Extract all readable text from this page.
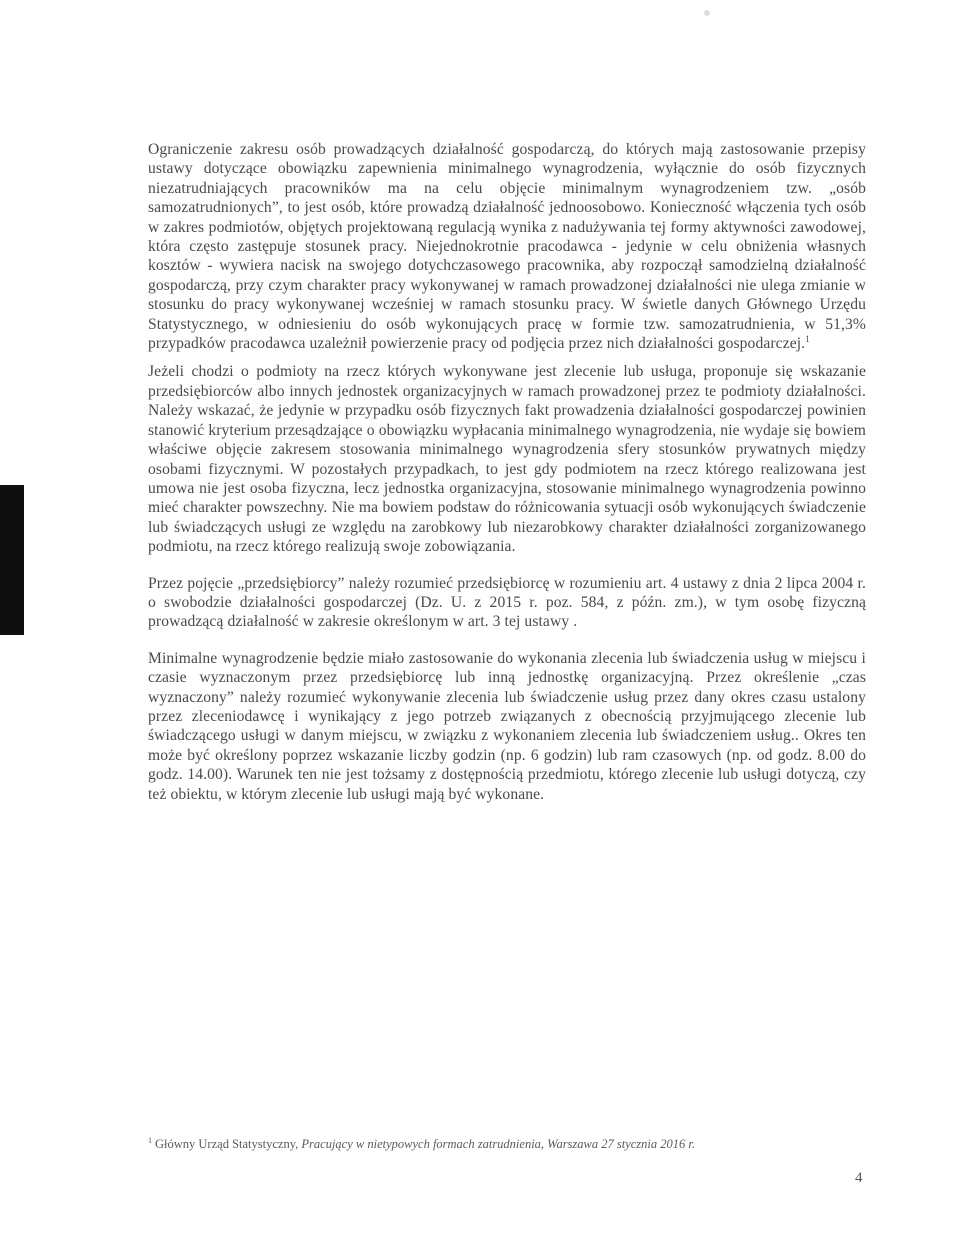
Ograniczenie zakresu osób prowadzących działalność gospodarczą, do których mają zastosowanie przepisy ustawy dotyczące obowiązku zapewnienia minimalnego wynagrodzenia, wyłącznie do osób fizycznych niezatrudniających pracowników ma na celu objęcie minimalnym wynagrodzeniem tzw. „osób samozatrudnionych”, to jest osób, które prowadzą działalność jednoosobowo. Konieczność włączenia tych osób w zakres podmiotów, objętych projektowaną regulacją wynika z nadużywania tej formy aktywności zawodowej, która często zastępuje stosunek pracy. Niejednokrotnie pracodawca - jedynie w celu obniżenia własnych kosztów - wywiera nacisk na swojego dotychczasowego pracownika, aby rozpoczął samodzielną działalność gospodarczą, przy czym charakter pracy wykonywanej w ramach prowadzonej działalności nie ulega zmianie w stosunku do pracy wykonywanej wcześniej w ramach stosunku pracy. W świetle danych Głównego Urzędu Statystycznego, w odniesieniu do osób wykonujących pracę w formie tzw. samozatrudnienia, w 51,3% przypadków pracodawca uzależnił powierzenie pracy od podjęcia przez nich działalności gospodarczej.$^1$

Jeżeli chodzi o podmioty na rzecz których wykonywane jest zlecenie lub usługa, proponuje się wskazanie przedsiębiorców albo innych jednostek organizacyjnych w ramach prowadzonej przez te podmioty działalności. Należy wskazać, że jedynie w przypadku osób fizycznych fakt prowadzenia działalności gospodarczej powinien stanowić kryterium przesądzające o obowiązku wypłacania minimalnego wynagrodzenia, nie wydaje się bowiem właściwe objęcie zakresem stosowania minimalnego wynagrodzenia sfery stosunków prywatnych między osobami fizycznymi. W pozostałych przypadkach, to jest gdy podmiotem na rzecz którego realizowana jest umowa nie jest osoba fizyczna, lecz jednostka organizacyjna, stosowanie minimalnego wynagrodzenia powinno mieć charakter powszechny. Nie ma bowiem podstaw do różnicowania sytuacji osób wykonujących świadczenie lub świadczących usługi ze względu na zarobkowy lub niezarobkowy charakter działalności zorganizowanego podmiotu, na rzecz którego realizują swoje zobowiązania.

Przez pojęcie „przedsiębiorcy” należy rozumieć przedsiębiorcę w rozumieniu art. 4 ustawy z dnia 2 lipca 2004 r. o swobodzie działalności gospodarczej (Dz. U. z 2015 r. poz. 584, z późn. zm.), w tym osobę fizyczną prowadzącą działalność w zakresie określonym w art. 3 tej ustawy .

Minimalne wynagrodzenie będzie miało zastosowanie do wykonania zlecenia lub świadczenia usług w miejscu i czasie wyznaczonym przez przedsiębiorcę lub inną jednostkę organizacyjną. Przez określenie „czas wyznaczony” należy rozumieć wykonywanie zlecenia lub świadczenie usług przez dany okres czasu ustalony przez zleceniodawcę i wynikający z jego potrzeb związanych z obecnością przyjmującego zlecenie lub świadczącego usługi w danym miejscu, w związku z wykonaniem zlecenia lub świadczeniem usług.. Okres ten może być określony poprzez wskazanie liczby godzin (np. 6 godzin) lub ram czasowych (np. od godz. 8.00 do godz. 14.00). Warunek ten nie jest tożsamy z dostępnością przedmiotu, którego zlecenie lub usługi dotyczą, czy też obiektu, w którym zlecenie lub usługi mają być wykonane.

$^1$ Główny Urząd Statystyczny, Pracujący w nietypowych formach zatrudnienia, Warszawa 27 stycznia 2016 r.
4
